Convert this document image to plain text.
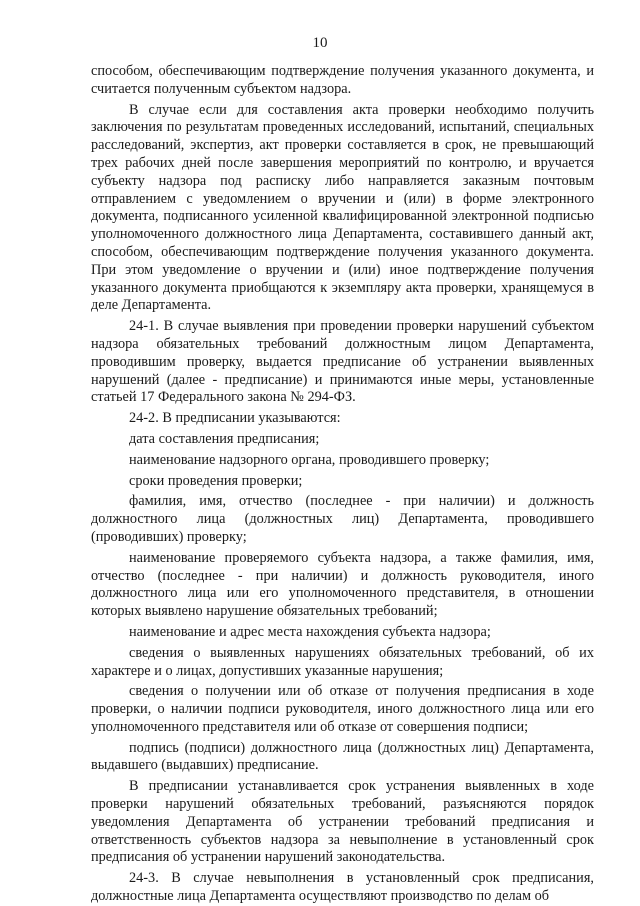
10

способом, обеспечивающим подтверждение получения указанного документа, и считается полученным субъектом надзора.

В случае если для составления акта проверки необходимо получить заключения по результатам проведенных исследований, испытаний, специальных расследований, экспертиз, акт проверки составляется в срок, не превышающий трех рабочих дней после завершения мероприятий по контролю, и вручается субъекту надзора под расписку либо направляется заказным почтовым отправлением с уведомлением о вручении и (или) в форме электронного документа, подписанного усиленной квалифицированной электронной подписью уполномоченного должностного лица Департамента, составившего данный акт, способом, обеспечивающим подтверждение получения указанного документа. При этом уведомление о вручении и (или) иное подтверждение получения указанного документа приобщаются к экземпляру акта проверки, хранящемуся в деле Департамента.

24-1. В случае выявления при проведении проверки нарушений субъектом надзора обязательных требований должностным лицом Департамента, проводившим проверку, выдается предписание об устранении выявленных нарушений (далее - предписание) и принимаются иные меры, установленные статьей 17 Федерального закона № 294-ФЗ.

24-2. В предписании указываются:

дата составления предписания;

наименование надзорного органа, проводившего проверку;

сроки проведения проверки;

фамилия, имя, отчество (последнее - при наличии) и должность должностного лица (должностных лиц) Департамента, проводившего (проводивших) проверку;

наименование проверяемого субъекта надзора, а также фамилия, имя, отчество (последнее - при наличии) и должность руководителя, иного должностного лица или его уполномоченного представителя, в отношении которых выявлено нарушение обязательных требований;

наименование и адрес места нахождения субъекта надзора;

сведения о выявленных нарушениях обязательных требований, об их характере и о лицах, допустивших указанные нарушения;

сведения о получении или об отказе от получения предписания в ходе проверки, о наличии подписи руководителя, иного должностного лица или его уполномоченного представителя или об отказе от совершения подписи;

подпись (подписи) должностного лица (должностных лиц) Департамента, выдавшего (выдавших) предписание.

В предписании устанавливается срок устранения выявленных в ходе проверки нарушений обязательных требований, разъясняются порядок уведомления Департамента об устранении требований предписания и ответственность субъектов надзора за невыполнение в установленный срок предписания об устранении нарушений законодательства.

24-3. В случае невыполнения в установленный срок предписания, должностные лица Департамента осуществляют производство по делам об
